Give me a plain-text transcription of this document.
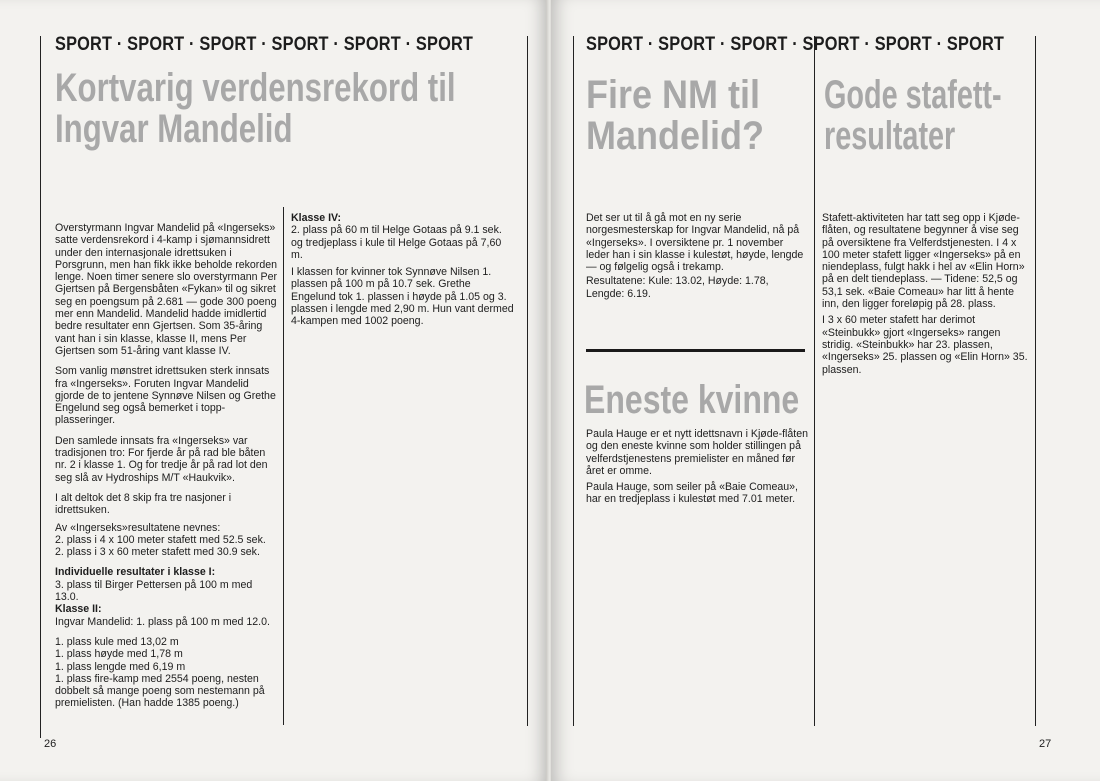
SPORT · SPORT · SPORT · SPORT · SPORT · SPORT
Kortvarig verdensrekord til
Ingvar Mandelid

Overstyrmann Ingvar Mandelid på «Ingerseks» satte verdensrekord i 4-kamp i sjømannsidrett under den internasjonale idrettsuken i Porsgrunn, men han fikk ikke beholde rekorden lenge. Noen timer senere slo overstyrmann Per Gjertsen på Bergensbåten «Fykan» til og sikret seg en poengsum på 2.681 — gode 300 poeng mer enn Mandelid. Mandelid hadde imidlertid bedre resultater enn Gjertsen. Som 35-åring vant han i sin klasse, klasse II, mens Per Gjertsen som 51-åring vant klasse IV.

Som vanlig mønstret idrettsuken sterk innsats fra «Ingerseks». Foruten Ingvar Mandelid gjorde de to jentene Synnøve Nilsen og Grethe Engelund seg også bemerket i topp-plasseringer.

Den samlede innsats fra «Ingerseks» var tradisjonen tro: For fjerde år på rad ble båten nr. 2 i klasse 1. Og for tredje år på rad lot den seg slå av Hydroships M/T «Haukvik».

I alt deltok det 8 skip fra tre nasjoner i idrettsuken.

Av «Ingerseks»resultatene nevnes:
2. plass i 4 x 100 meter stafett med 52.5 sek.
2. plass i 3 x 60 meter stafett med 30.9 sek.
Individuelle resultater i klasse I:
3. plass til Birger Pettersen på 100 m med 13.0.
Klasse II:
Ingvar Mandelid: 1. plass på 100 m med 12.0.
1. plass kule med 13,02 m
1. plass høyde med 1,78 m
1. plass lengde med 6,19 m
1. plass fire-kamp med 2554 poeng, nesten dobbelt så mange poeng som nestemann på premielisten. (Han hadde 1385 poeng.)
Klasse IV:

2. plass på 60 m til Helge Gotaas på 9.1 sek. og tredjeplass i kule til Helge Gotaas på 7,60 m.

I klassen for kvinner tok Synnøve Nilsen 1. plassen på 100 m på 10.7 sek. Grethe Engelund tok 1. plassen i høyde på 1.05 og 3. plassen i lengde med 2,90 m. Hun vant dermed 4-kampen med 1002 poeng.

26
SPORT · SPORT · SPORT · SPORT · SPORT · SPORT
Fire NM til
Mandelid?

Det ser ut til å gå mot en ny serie norgesmesterskap for Ingvar Mandelid, nå på «Ingerseks». I oversiktene pr. 1 november leder han i sin klasse i kulestøt, høyde, lengde — og følgelig også i trekamp.

Resultatene: Kule: 13.02, Høyde: 1.78, Lengde: 6.19.

Eneste kvinne

Paula Hauge er et nytt idettsnavn i Kjøde-flåten og den eneste kvinne som holder stillingen på velferdstjenestens premielister en måned før året er omme.

Paula Hauge, som seiler på «Baie Comeau», har en tredjeplass i kulestøt med 7.01 meter.

Gode stafett-
resultater

Stafett-aktiviteten har tatt seg opp i Kjøde-flåten, og resultatene begynner å vise seg på oversiktene fra Velferdstjenesten. I 4 x 100 meter stafett ligger «Ingerseks» på en niendeplass, fulgt hakk i hel av «Elin Horn» på en delt tiendeplass. — Tidene: 52,5 og 53,1 sek. «Baie Comeau» har litt å hente inn, den ligger foreløpig på 28. plass.

I 3 x 60 meter stafett har derimot «Steinbukk» gjort «Ingerseks» rangen stridig. «Steinbukk» har 23. plassen, «Ingerseks» 25. plassen og «Elin Horn» 35. plassen.

27
